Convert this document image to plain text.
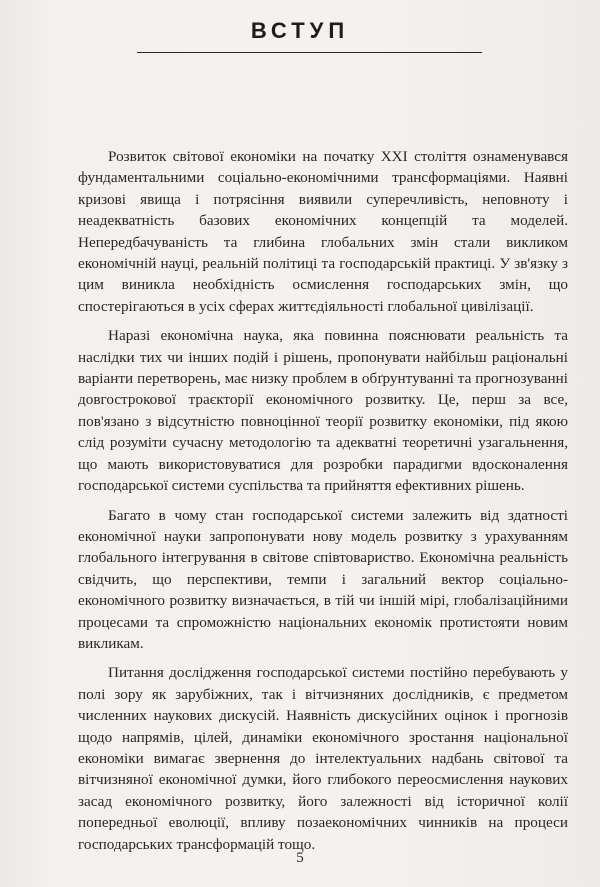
ВСТУП

Розвиток світової економіки на початку XXI століття ознаменувався фундаментальними соціально-економічними трансформаціями. Наявні кризові явища і потрясіння виявили суперечливість, неповноту і неадекватність базових економічних концепцій та моделей. Непередбачуваність та глибина глобальних змін стали викликом економічній науці, реальній політиці та господарській практиці. У зв'язку з цим виникла необхідність осмислення господарських змін, що спостерігаються в усіх сферах життєдіяльності глобальної цивілізації.

Наразі економічна наука, яка повинна пояснювати реальність та наслідки тих чи інших подій і рішень, пропонувати найбільш раціональні варіанти перетворень, має низку проблем в обґрунтуванні та прогнозуванні довгострокової траєкторії економічного розвитку. Це, перш за все, пов'язано з відсутністю повноцінної теорії розвитку економіки, під якою слід розуміти сучасну методологію та адекватні теоретичні узагальнення, що мають використовуватися для розробки парадигми вдосконалення господарської системи суспільства та прийняття ефективних рішень.

Багато в чому стан господарської системи залежить від здатності економічної науки запропонувати нову модель розвитку з урахуванням глобального інтегрування в світове співтовариство. Економічна реальність свідчить, що перспективи, темпи і загальний вектор соціально-економічного розвитку визначається, в тій чи іншій мірі, глобалізаційними процесами та спроможністю національних економік протистояти новим викликам.

Питання дослідження господарської системи постійно перебувають у полі зору як зарубіжних, так і вітчизняних дослідників, є предметом численних наукових дискусій. Наявність дискусійних оцінок і прогнозів щодо напрямів, цілей, динаміки економічного зростання національної економіки вимагає звернення до інтелектуальних надбань світової та вітчизняної економічної думки, його глибокого переосмислення наукових засад економічного розвитку, його залежності від історичної колії попередньої еволюції, впливу позаекономічних чинників на процеси господарських трансформацій тощо.

5
